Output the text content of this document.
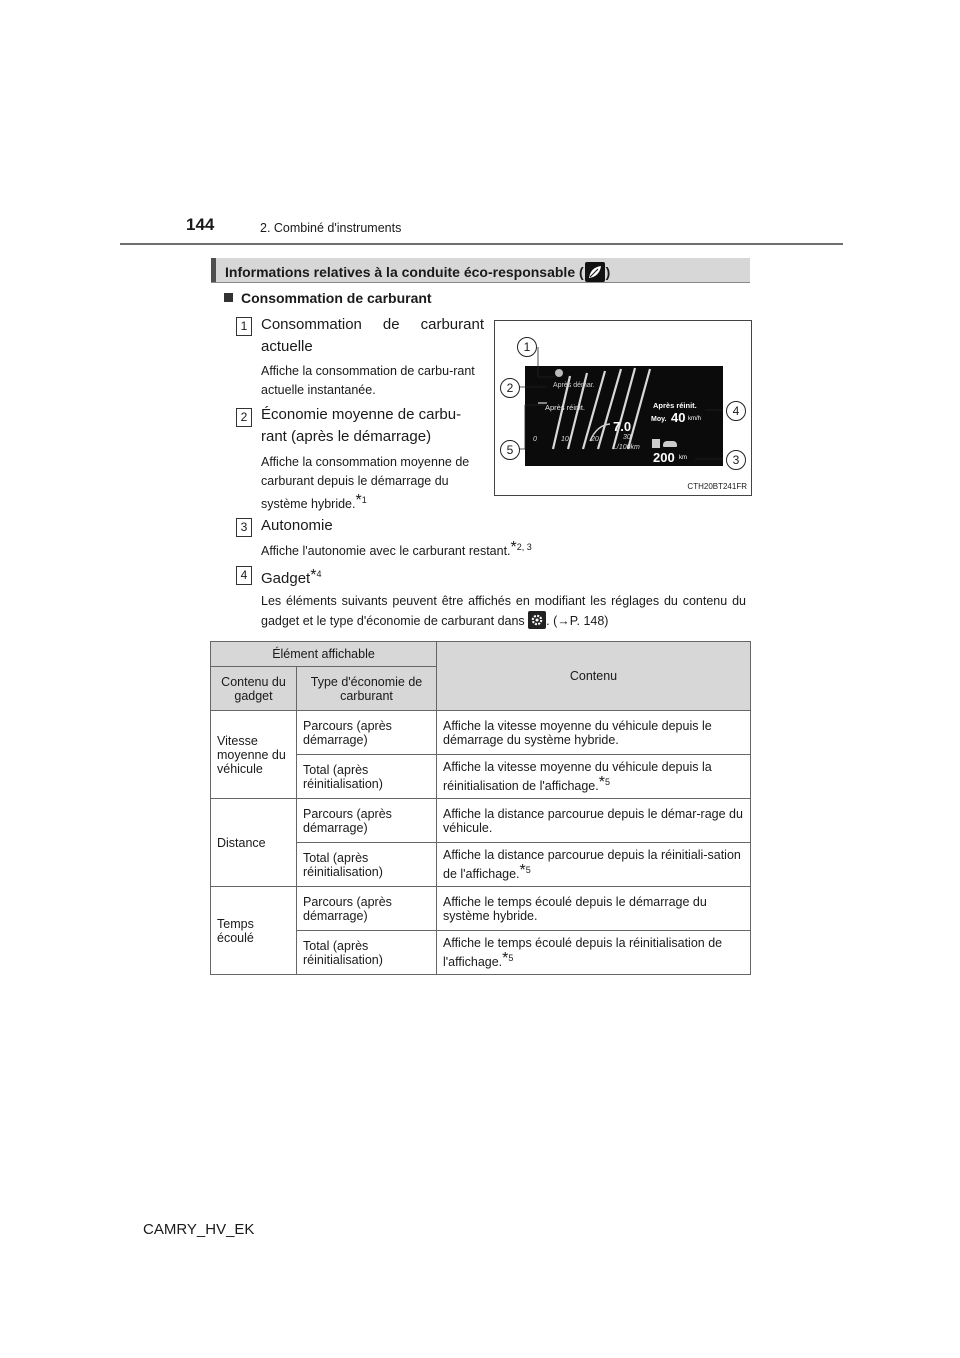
144	2. Combiné d'instruments
Informations relatives à la conduite éco-responsable ( )
Consommation de carburant
1 Consommation de carburant actuelle
Affiche la consommation de carbu-rant actuelle instantanée.
2 Économie moyenne de carbu-rant (après le démarrage)
Affiche la consommation moyenne de carburant depuis le démarrage du système hybride.*$^1$
3 Autonomie
Affiche l'autonomie avec le carburant restant.*$^{2, 3}$
4 Gadget*$^4$
Les éléments suivants peuvent être affichés en modifiant les réglages du contenu du gadget et le type d'économie de carburant dans . (→P. 148)
Après démar.
Après réinit.	Après réinit.
Moy. 40 km/h
7.0
0	10	20	30
L/100km
200 km
1
2
3
4
5
CTH20BT241FR
Élément affichable		Contenu
Contenu du gadget	Type d'économie de carburant	
Vitesse moyenne du véhicule	Parcours (après démarrage)	Affiche la vitesse moyenne du véhicule depuis le démarrage du système hybride.
	Total (après réinitialisation)	Affiche la vitesse moyenne du véhicule depuis la réinitialisation de l'affichage.*$^5$
Distance	Parcours (après démarrage)	Affiche la distance parcourue depuis le démar-rage du véhicule.
	Total (après réinitialisation)	Affiche la distance parcourue depuis la réinitiali-sation de l'affichage.*$^5$
Temps écoulé	Parcours (après démarrage)	Affiche le temps écoulé depuis le démarrage du système hybride.
	Total (après réinitialisation)	Affiche le temps écoulé depuis la réinitialisation de l'affichage.*$^5$
CAMRY_HV_EK
